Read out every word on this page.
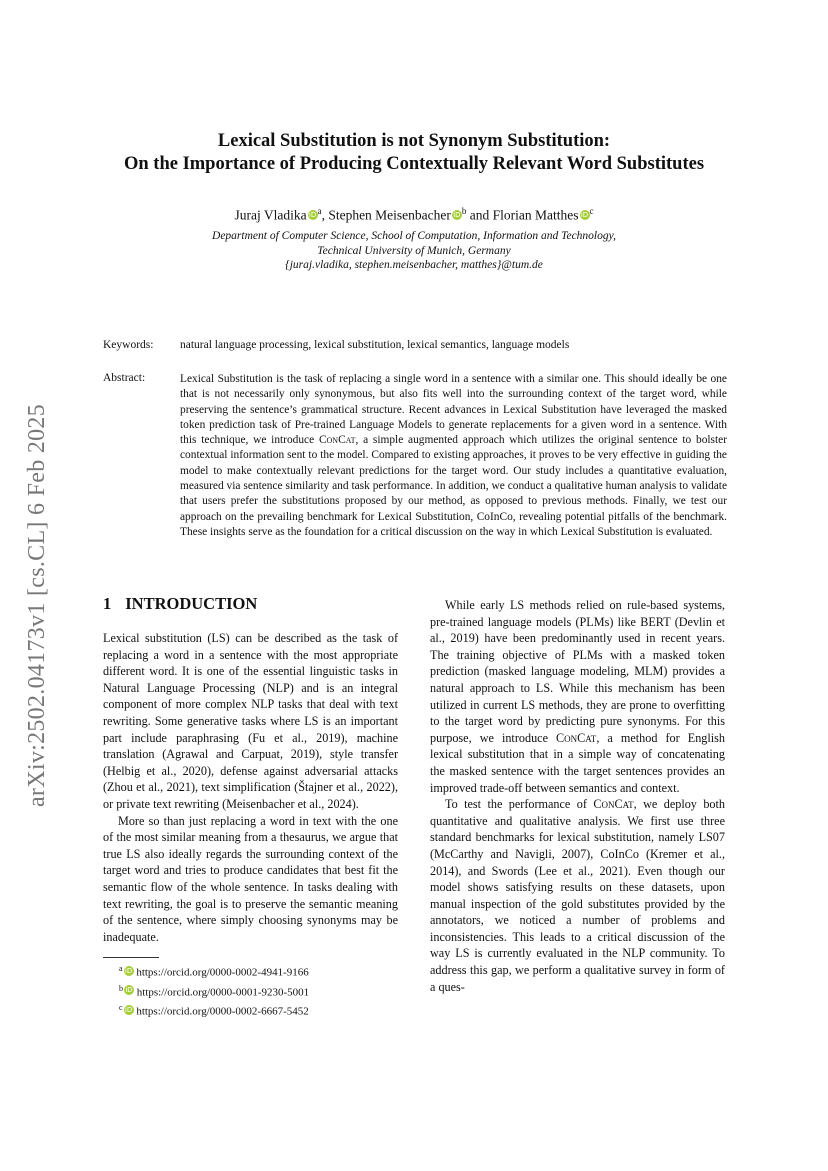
arXiv:2502.04173v1 [cs.CL] 6 Feb 2025
Lexical Substitution is not Synonym Substitution:
On the Importance of Producing Contextually Relevant Word Substitutes
Juraj Vladika $iD^a$, Stephen Meisenbacher $iD^b$ and Florian Matthes $iD^c$
Department of Computer Science, School of Computation, Information and Technology,
Technical University of Munich, Germany
{juraj.vladika, stephen.meisenbacher, matthes}@tum.de
Keywords: natural language processing, lexical substitution, lexical semantics, language models
Abstract:	Lexical Substitution is the task of replacing a single word in a sentence with a similar one. This should ideally be one that is not necessarily only synonymous, but also fits well into the surrounding context of the target word, while preserving the sentence’s grammatical structure. Recent advances in Lexical Substitution have leveraged the masked token prediction task of Pre-trained Language Models to generate replacements for a given word in a sentence. With this technique, we introduce ConCat, a simple augmented approach which utilizes the original sentence to bolster contextual information sent to the model. Compared to existing approaches, it proves to be very effective in guiding the model to make contextually relevant predictions for the target word. Our study includes a quantitative evaluation, measured via sentence similarity and task performance. In addition, we conduct a qualitative human analysis to validate that users prefer the substitutions proposed by our method, as opposed to previous methods. Finally, we test our approach on the prevailing benchmark for Lexical Substitution, CoInCo, revealing potential pitfalls of the benchmark. These insights serve as the foundation for a critical discussion on the way in which Lexical Substitution is evaluated.
1 INTRODUCTION

Lexical substitution (LS) can be described as the task of replacing a word in a sentence with the most appropriate different word. It is one of the essential linguistic tasks in Natural Language Processing (NLP) and is an integral component of more complex NLP tasks that deal with text rewriting. Some generative tasks where LS is an important part include paraphrasing (Fu et al., 2019), machine translation (Agrawal and Carpuat, 2019), style transfer (Helbig et al., 2020), defense against adversarial attacks (Zhou et al., 2021), text simplification (Štajner et al., 2022), or private text rewriting (Meisenbacher et al., 2024).

More so than just replacing a word in text with the one of the most similar meaning from a thesaurus, we argue that true LS also ideally regards the surrounding context of the target word and tries to produce candidates that best fit the semantic flow of the whole sentence. In tasks dealing with text rewriting, the goal is to preserve the semantic meaning of the sentence, where simply choosing synonyms may be inadequate.

While early LS methods relied on rule-based systems, pre-trained language models (PLMs) like BERT (Devlin et al., 2019) have been predominantly used in recent years. The training objective of PLMs with a masked token prediction (masked language modeling, MLM) provides a natural approach to LS. While this mechanism has been utilized in current LS methods, they are prone to overfitting to the target word by predicting pure synonyms. For this purpose, we introduce ConCat, a method for English lexical substitution that in a simple way of concatenating the masked sentence with the target sentences provides an improved trade-off between semantics and context.

To test the performance of ConCat, we deploy both quantitative and qualitative analysis. We first use three standard benchmarks for lexical substitution, namely LS07 (McCarthy and Navigli, 2007), CoInCo (Kremer et al., 2014), and Swords (Lee et al., 2021). Even though our model shows satisfying results on these datasets, upon manual inspection of the gold substitutes provided by the annotators, we noticed a number of problems and inconsistencies. This leads to a critical discussion of the way LS is currently evaluated in the NLP community. To address this gap, we perform a qualitative survey in form of a ques-

$^a$ iD https://orcid.org/0000-0002-4941-9166
$^b$ iD https://orcid.org/0000-0001-9230-5001
$^c$ iD https://orcid.org/0000-0002-6667-5452
